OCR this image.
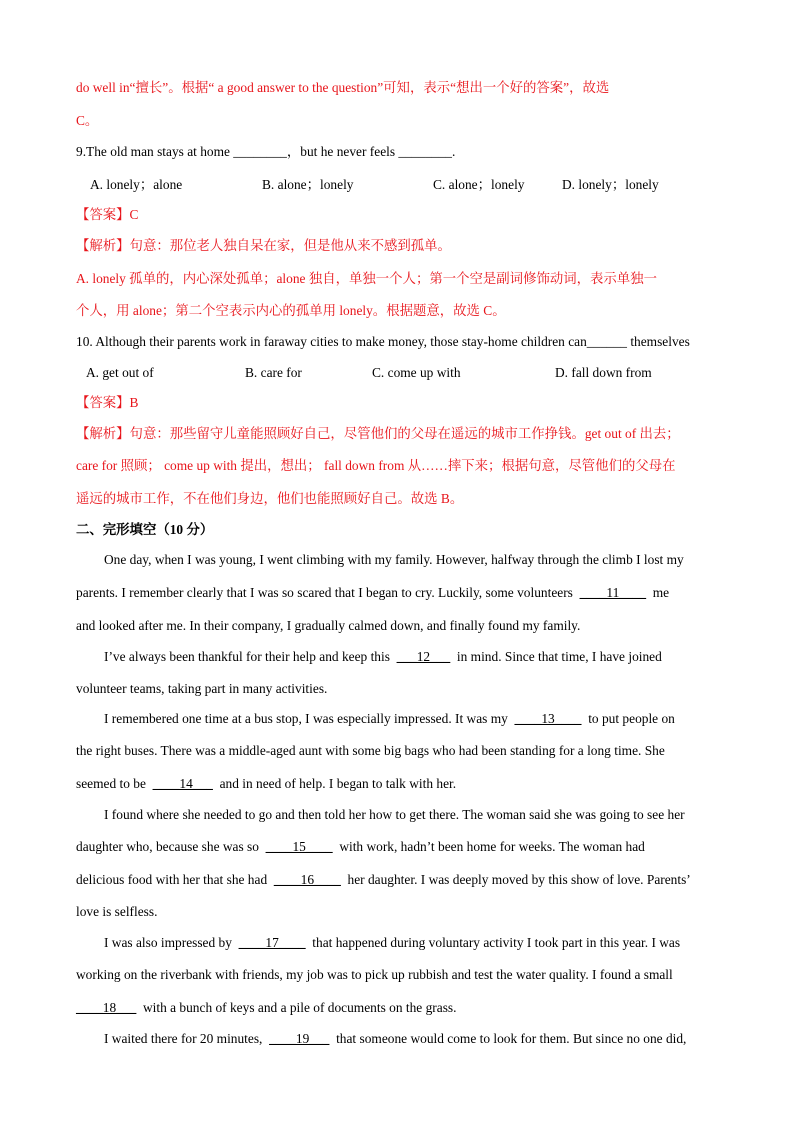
do well in“擅长”。根据“ a good answer to the question”可知，表示“想出一个好的答案”，故选
C。
9.The old man stays at home ________，but he never feels ________.
A. lonely；alone	B. alone；lonely	C. alone；lonely	D. lonely；lonely
【答案】C
【解析】句意：那位老人独自呆在家，但是他从来不感到孤单。
A. lonely 孤单的，内心深处孤单；alone 独自，单独一个人；第一个空是副词修饰动词，表示单独一
个人，用 alone；第二个空表示内心的孤单用 lonely。根据题意，故选 C。
10. Although their parents work in faraway cities to make money, those stay-home children can______ themselves
A. get out of	B. care for	C. come up with	D. fall down from
【答案】B
【解析】句意：那些留守儿童能照顾好自己，尽管他们的父母在遥远的城市工作挣钱。get out of 出去；
care for 照顾； come up with 提出，想出； fall down from 从……摔下来；根据句意，尽管他们的父母在
遥远的城市工作，不在他们身边，他们也能照顾好自己。故选 B。
二、完形填空（10 分）
One day, when I was young, I went climbing with my family. However, halfway through the climb I lost my
parents. I remember clearly that I was so scared that I began to cry. Luckily, some volunteers ____11____ me
and looked after me. In their company, I gradually calmed down, and finally found my family.
I’ve always been thankful for their help and keep this ___12___ in mind. Since that time, I have joined
volunteer teams, taking part in many activities.
I remembered one time at a bus stop, I was especially impressed. It was my ____13____ to put people on
the right buses. There was a middle-aged aunt with some big bags who had been standing for a long time. She
seemed to be ____14___ and in need of help. I began to talk with her.
I found where she needed to go and then told her how to get there. The woman said she was going to see her
daughter who, because she was so ____15____ with work, hadn’t been home for weeks. The woman had
delicious food with her that she had ____16____ her daughter. I was deeply moved by this show of love. Parents’
love is selfless.
I was also impressed by ____17____ that happened during voluntary activity I took part in this year. I was
working on the riverbank with friends, my job was to pick up rubbish and test the water quality. I found a small
____18___ with a bunch of keys and a pile of documents on the grass.
I waited there for 20 minutes, ____19___ that someone would come to look for them. But since no one did,
